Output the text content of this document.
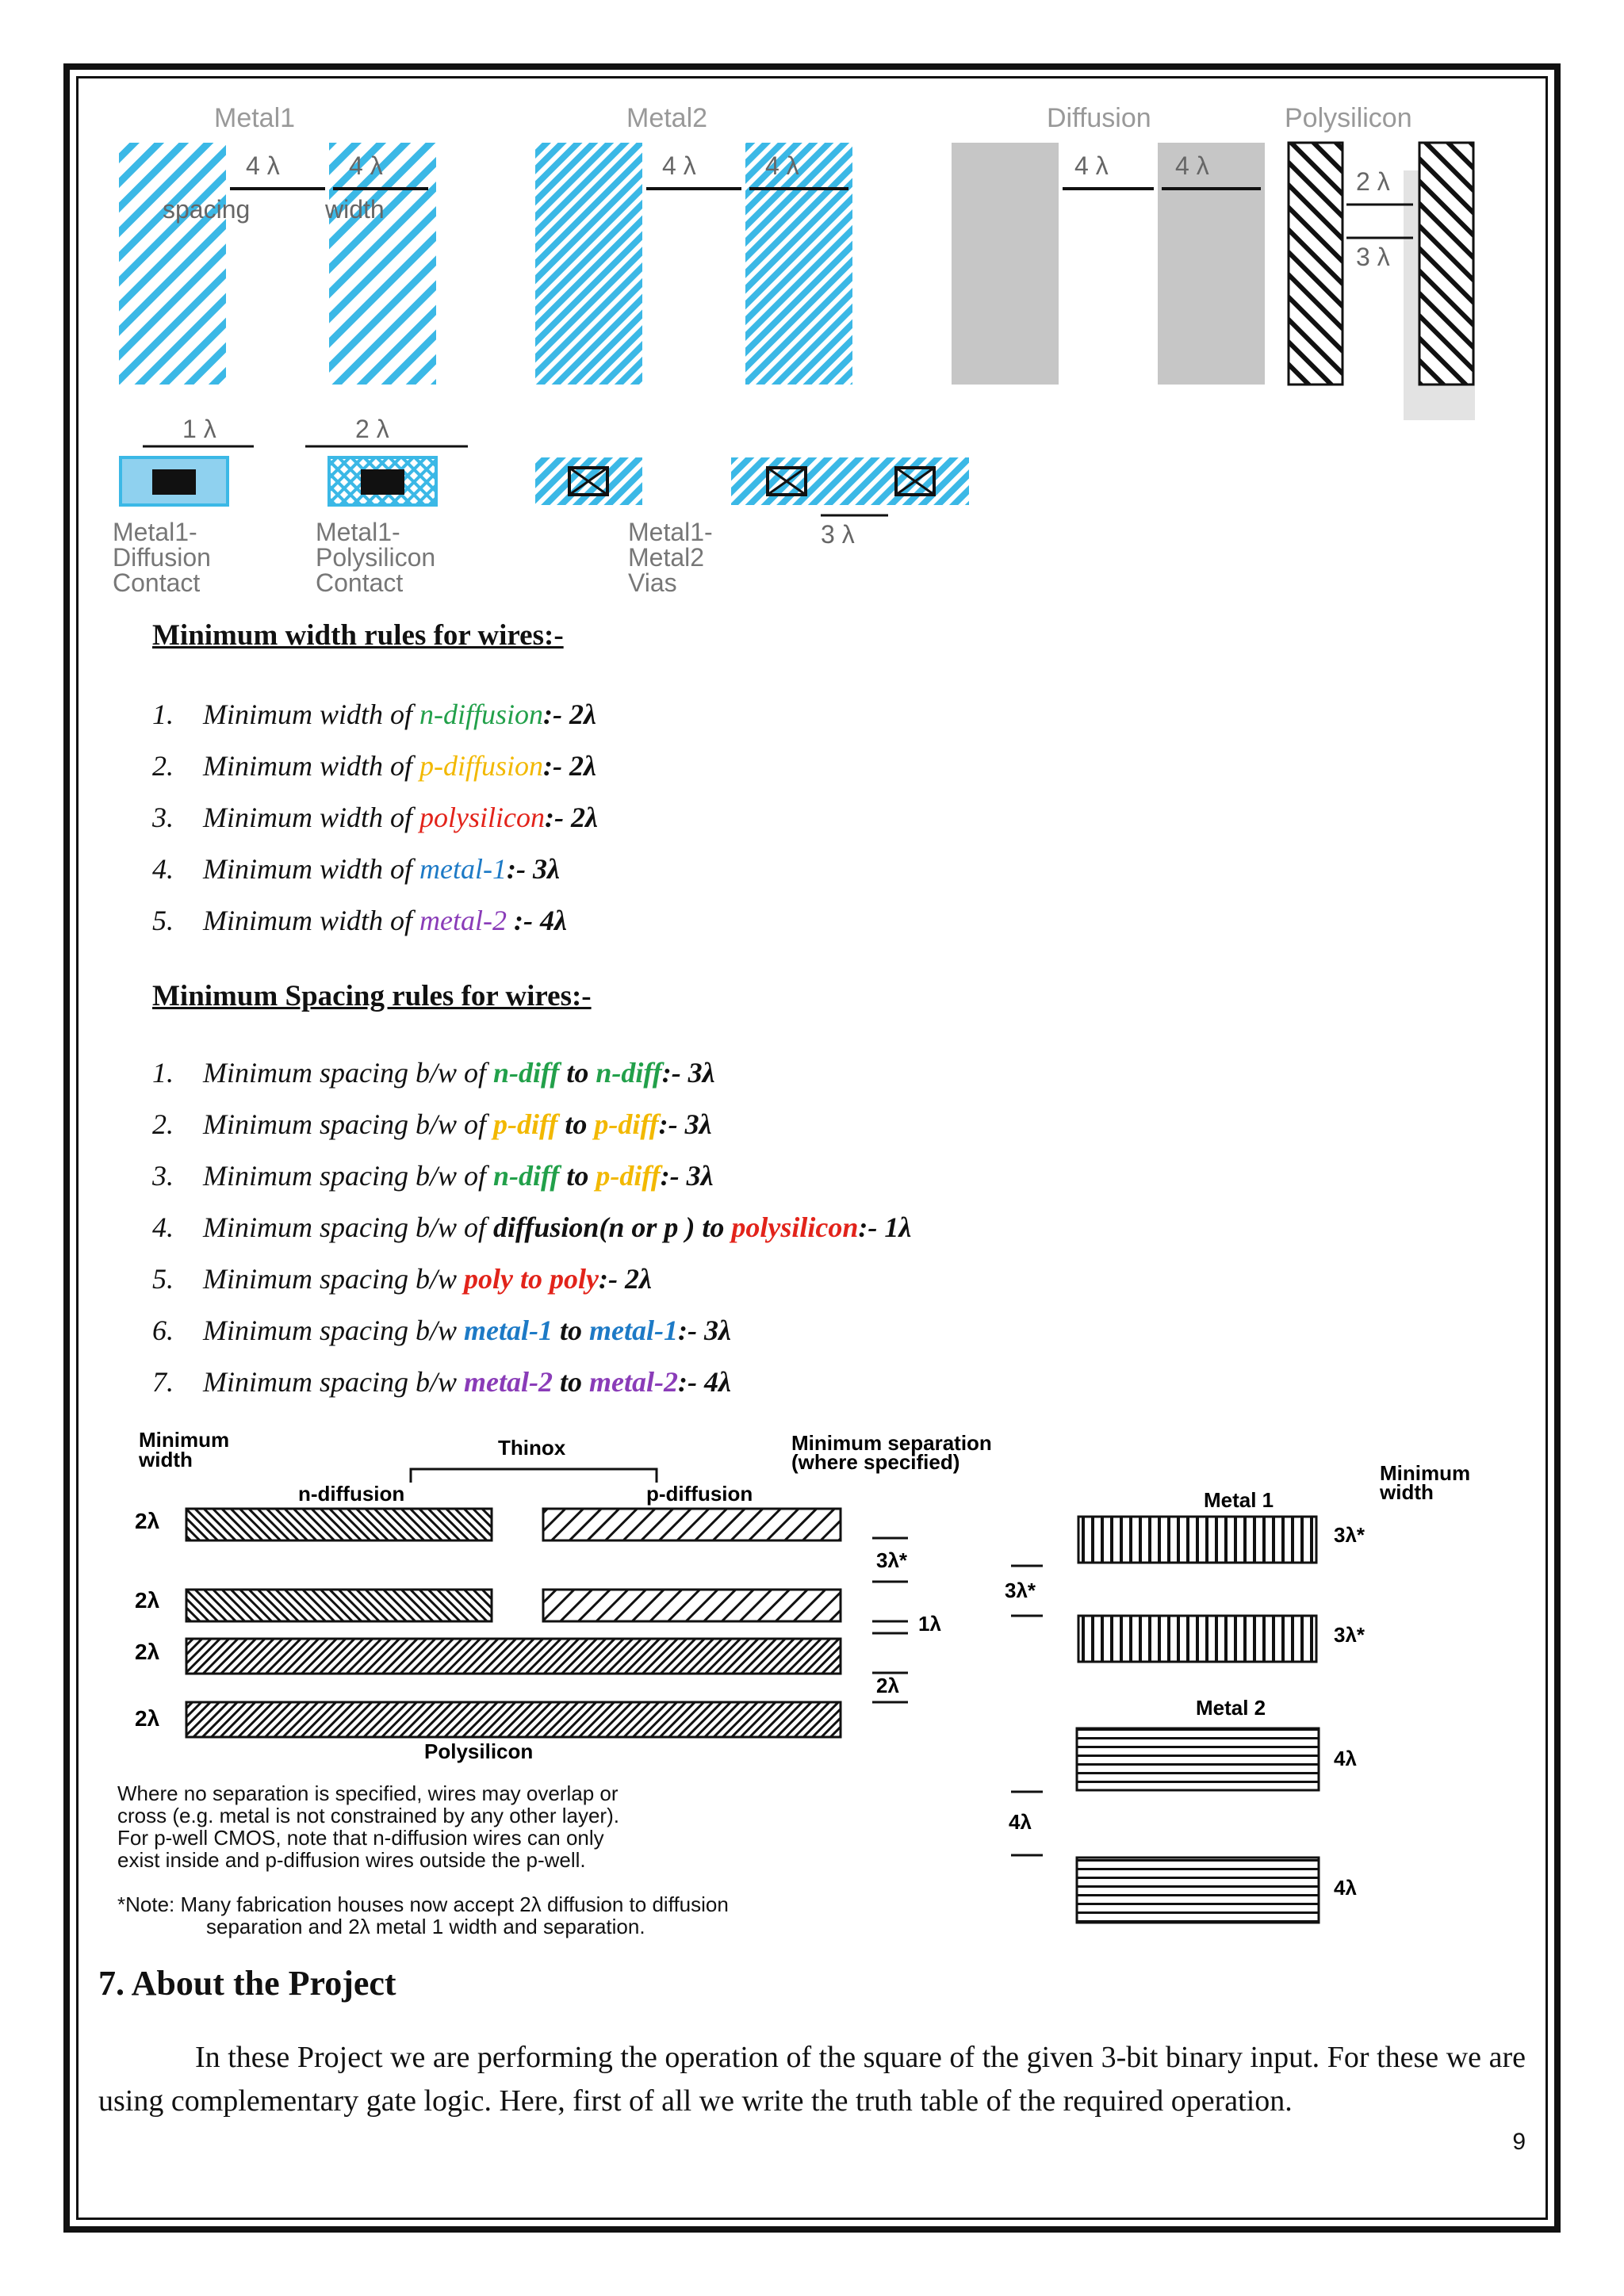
Metal1
4 λ	4 λ
spacing	width
Metal2
4 λ	4 λ
Diffusion
4 λ	4 λ
Polysilicon
2 λ
3 λ
1 λ	2 λ
3 λ
Metal1- Diffusion Contact
Metal1- Polysilicon Contact
Metal1- Metal2 Vias
Minimum width rules for wires:-
1. Minimum width of n-diffusion:- 2λ
2. Minimum width of p-diffusion:- 2λ
3. Minimum width of polysilicon:- 2λ
4. Minimum width of metal-1:- 3λ
5. Minimum width of metal-2 :- 4λ
Minimum Spacing rules for wires:-
1. Minimum spacing b/w of n-diff to n-diff:- 3λ
2. Minimum spacing b/w of p-diff to p-diff:- 3λ
3. Minimum spacing b/w of n-diff to p-diff:- 3λ
4. Minimum spacing b/w of diffusion(n or p ) to polysilicon:- 1λ
5. Minimum spacing b/w poly to poly:- 2λ
6. Minimum spacing b/w metal-1 to metal-1:- 3λ
7. Minimum spacing b/w metal-2 to metal-2:- 4λ
Minimum width	Thinox	Minimum separation (where specified)	Minimum width
n-diffusion	p-diffusion	Metal 1
2λ
3λ*
3λ*
2λ
1λ
3λ*
3λ*
2λ
2λ
2λ
Polysilicon
Metal 2
4λ
4λ
4λ
Where no separation is specified, wires may overlap or cross (e.g. metal is not constrained by any other layer). For p-well CMOS, note that n-diffusion wires can only exist inside and p-diffusion wires outside the p-well.
*Note: Many fabrication houses now accept 2λ diffusion to diffusion separation and 2λ metal 1 width and separation.
7. About the Project
In these Project we are performing the operation of the square of the given 3-bit binary input. For these we are using complementary gate logic. Here, first of all we write the truth table of the required operation.
9
